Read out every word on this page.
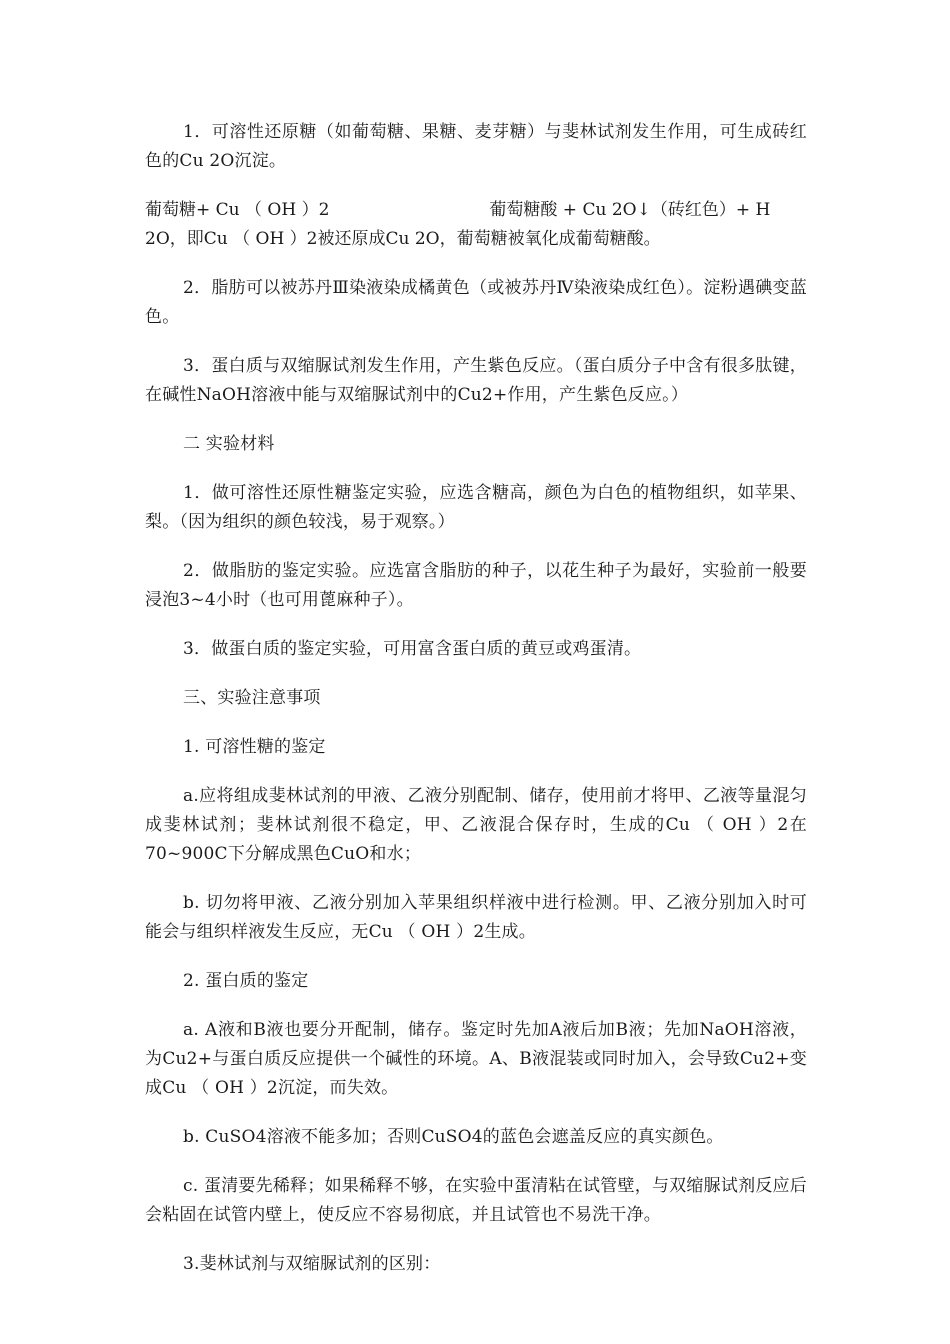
1．可溶性还原糖（如葡萄糖、果糖、麦芽糖）与斐林试剂发生作用，可生成砖红色的Cu 2O沉淀。

葡萄糖+ Cu （ OH ）2	葡萄糖酸 + Cu 2O↓（砖红色）+ H

2O，即Cu （ OH ）2被还原成Cu 2O，葡萄糖被氧化成葡萄糖酸。

2．脂肪可以被苏丹Ⅲ染液染成橘黄色（或被苏丹Ⅳ染液染成红色）。淀粉遇碘变蓝色。

3．蛋白质与双缩脲试剂发生作用，产生紫色反应。（蛋白质分子中含有很多肽键，在碱性NaOH溶液中能与双缩脲试剂中的Cu2+作用，产生紫色反应。）

二 实验材料

1．做可溶性还原性糖鉴定实验，应选含糖高，颜色为白色的植物组织，如苹果、梨。（因为组织的颜色较浅，易于观察。）

2．做脂肪的鉴定实验。应选富含脂肪的种子，以花生种子为最好，实验前一般要浸泡3~4小时（也可用蓖麻种子）。

3．做蛋白质的鉴定实验，可用富含蛋白质的黄豆或鸡蛋清。

三、实验注意事项

1. 可溶性糖的鉴定

a.应将组成斐林试剂的甲液、乙液分别配制、储存，使用前才将甲、乙液等量混匀成斐林试剂；斐林试剂很不稳定，甲、乙液混合保存时，生成的Cu （ OH ）2在70~900C下分解成黑色CuO和水；

b. 切勿将甲液、乙液分别加入苹果组织样液中进行检测。甲、乙液分别加入时可能会与组织样液发生反应，无Cu （ OH ）2生成。

2. 蛋白质的鉴定

a. A液和B液也要分开配制，储存。鉴定时先加A液后加B液；先加NaOH溶液，为Cu2+与蛋白质反应提供一个碱性的环境。A、B液混装或同时加入，会导致Cu2+变成Cu （ OH ）2沉淀，而失效。

b. CuSO4溶液不能多加；否则CuSO4的蓝色会遮盖反应的真实颜色。

c. 蛋清要先稀释；如果稀释不够，在实验中蛋清粘在试管壁，与双缩脲试剂反应后会粘固在试管内壁上，使反应不容易彻底，并且试管也不易洗干净。

3.斐林试剂与双缩脲试剂的区别：
